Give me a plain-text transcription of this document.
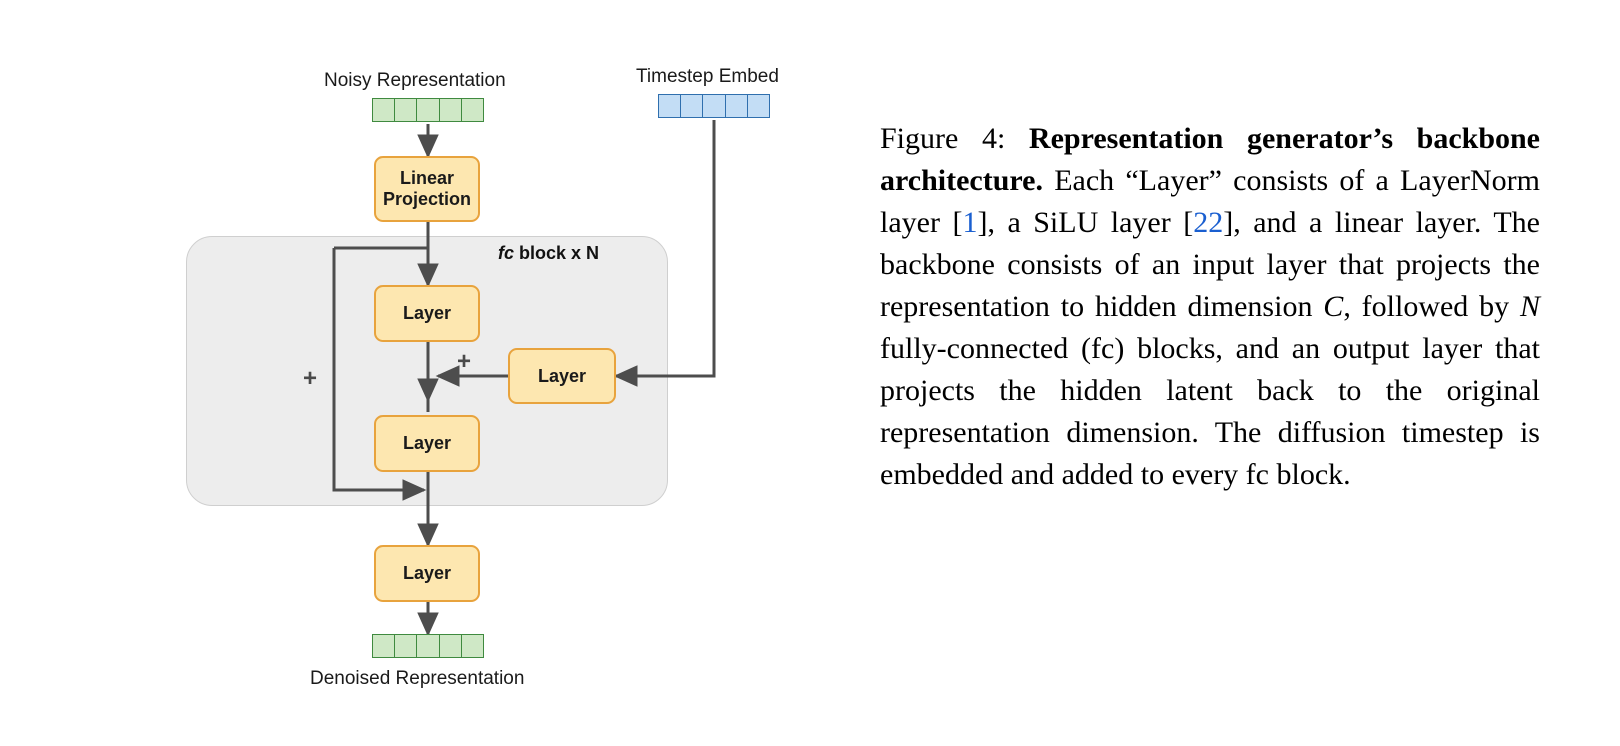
Noisy Representation	Timestep Embed
fc block x N
Linear
Projection
Layer
Layer
Layer
Layer
+
+
Denoised Representation
Figure 4: Representation generator’s backbone architecture. Each “Layer” consists of a LayerNorm layer [1], a SiLU layer [22], and a linear layer. The backbone consists of an input layer that projects the representation to hidden dimension C, followed by N fully-connected (fc) blocks, and an output layer that projects the hidden latent back to the original representation dimension. The diffusion timestep is embedded and added to every fc block.
